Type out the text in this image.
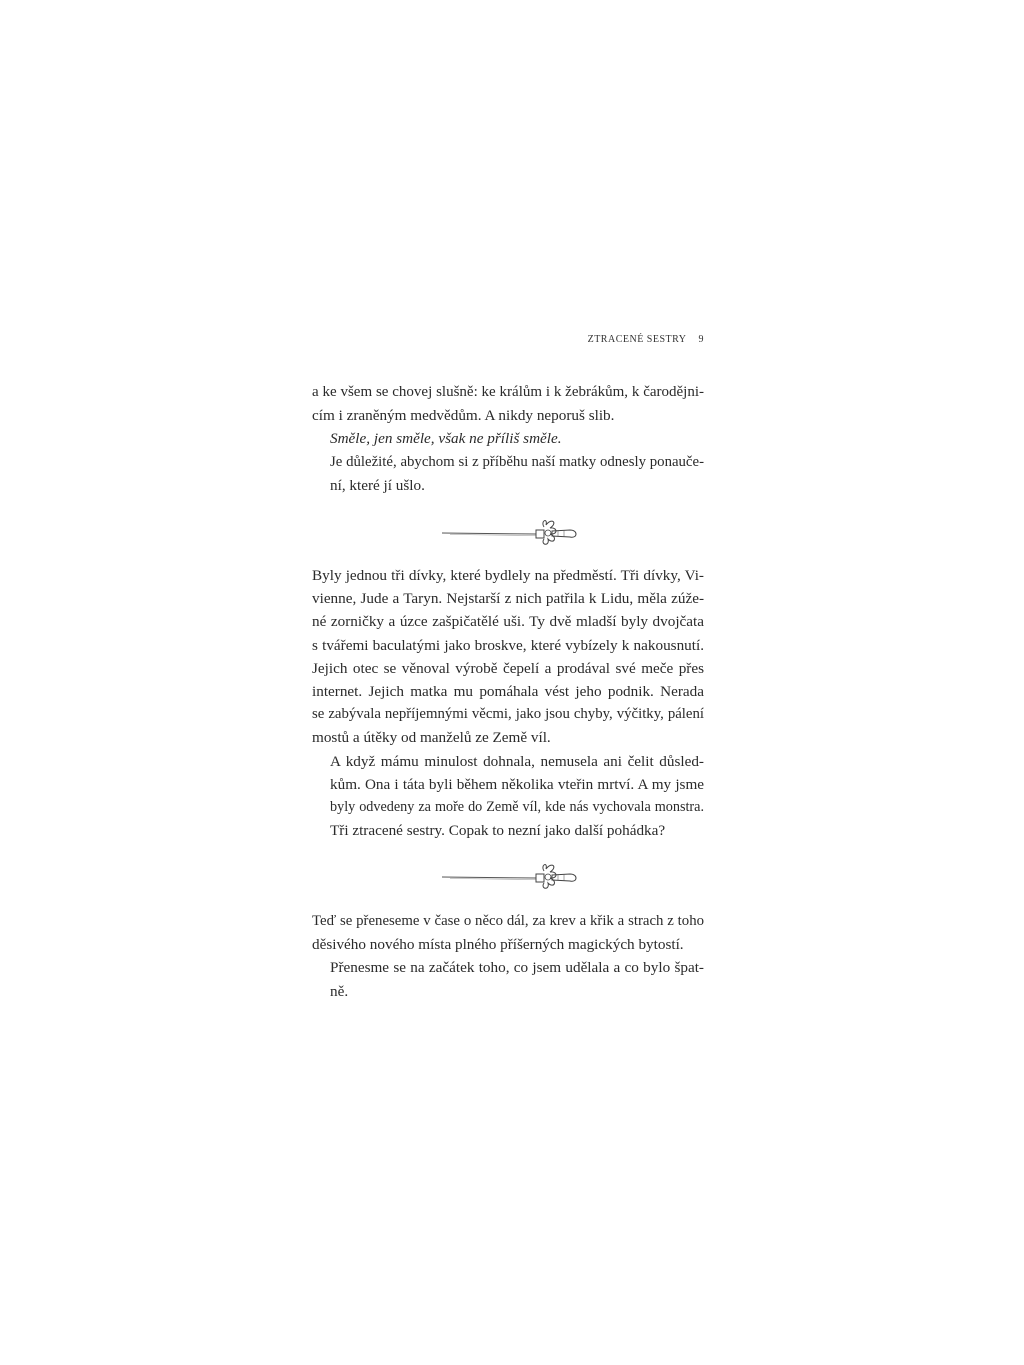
ZTRACENÉ SESTRY 9

a ke všem se chovej slušně: ke králům i k žebrákům, k čarodějni-
cím i zraněným medvědům. A nikdy neporuš slib.

Směle, jen směle, však ne příliš směle.

Je důležité, abychom si z příběhu naší matky odnesly ponauče-
ní, které jí ušlo.

Byly jednou tři dívky, které bydlely na předměstí. Tři dívky, Vi-
vienne, Jude a Taryn. Nejstarší z nich patřila k Lidu, měla zúže-
né zorničky a úzce zašpičatělé uši. Ty dvě mladší byly dvojčata
s tvářemi baculatými jako broskve, které vybízely k nakousnutí.
Jejich otec se věnoval výrobě čepelí a prodával své meče přes
internet. Jejich matka mu pomáhala vést jeho podnik. Nerada
se zabývala nepříjemnými věcmi, jako jsou chyby, výčitky, pálení
mostů a útěky od manželů ze Země víl.

A když mámu minulost dohnala, nemusela ani čelit důsled-
kům. Ona i táta byli během několika vteřin mrtví. A my jsme
byly odvedeny za moře do Země víl, kde nás vychovala monstra.
Tři ztracené sestry. Copak to nezní jako další pohádka?

Teď se přeneseme v čase o něco dál, za krev a křik a strach z toho
děsivého nového místa plného příšerných magických bytostí.

Přenesme se na začátek toho, co jsem udělala a co bylo špat-
ně.
